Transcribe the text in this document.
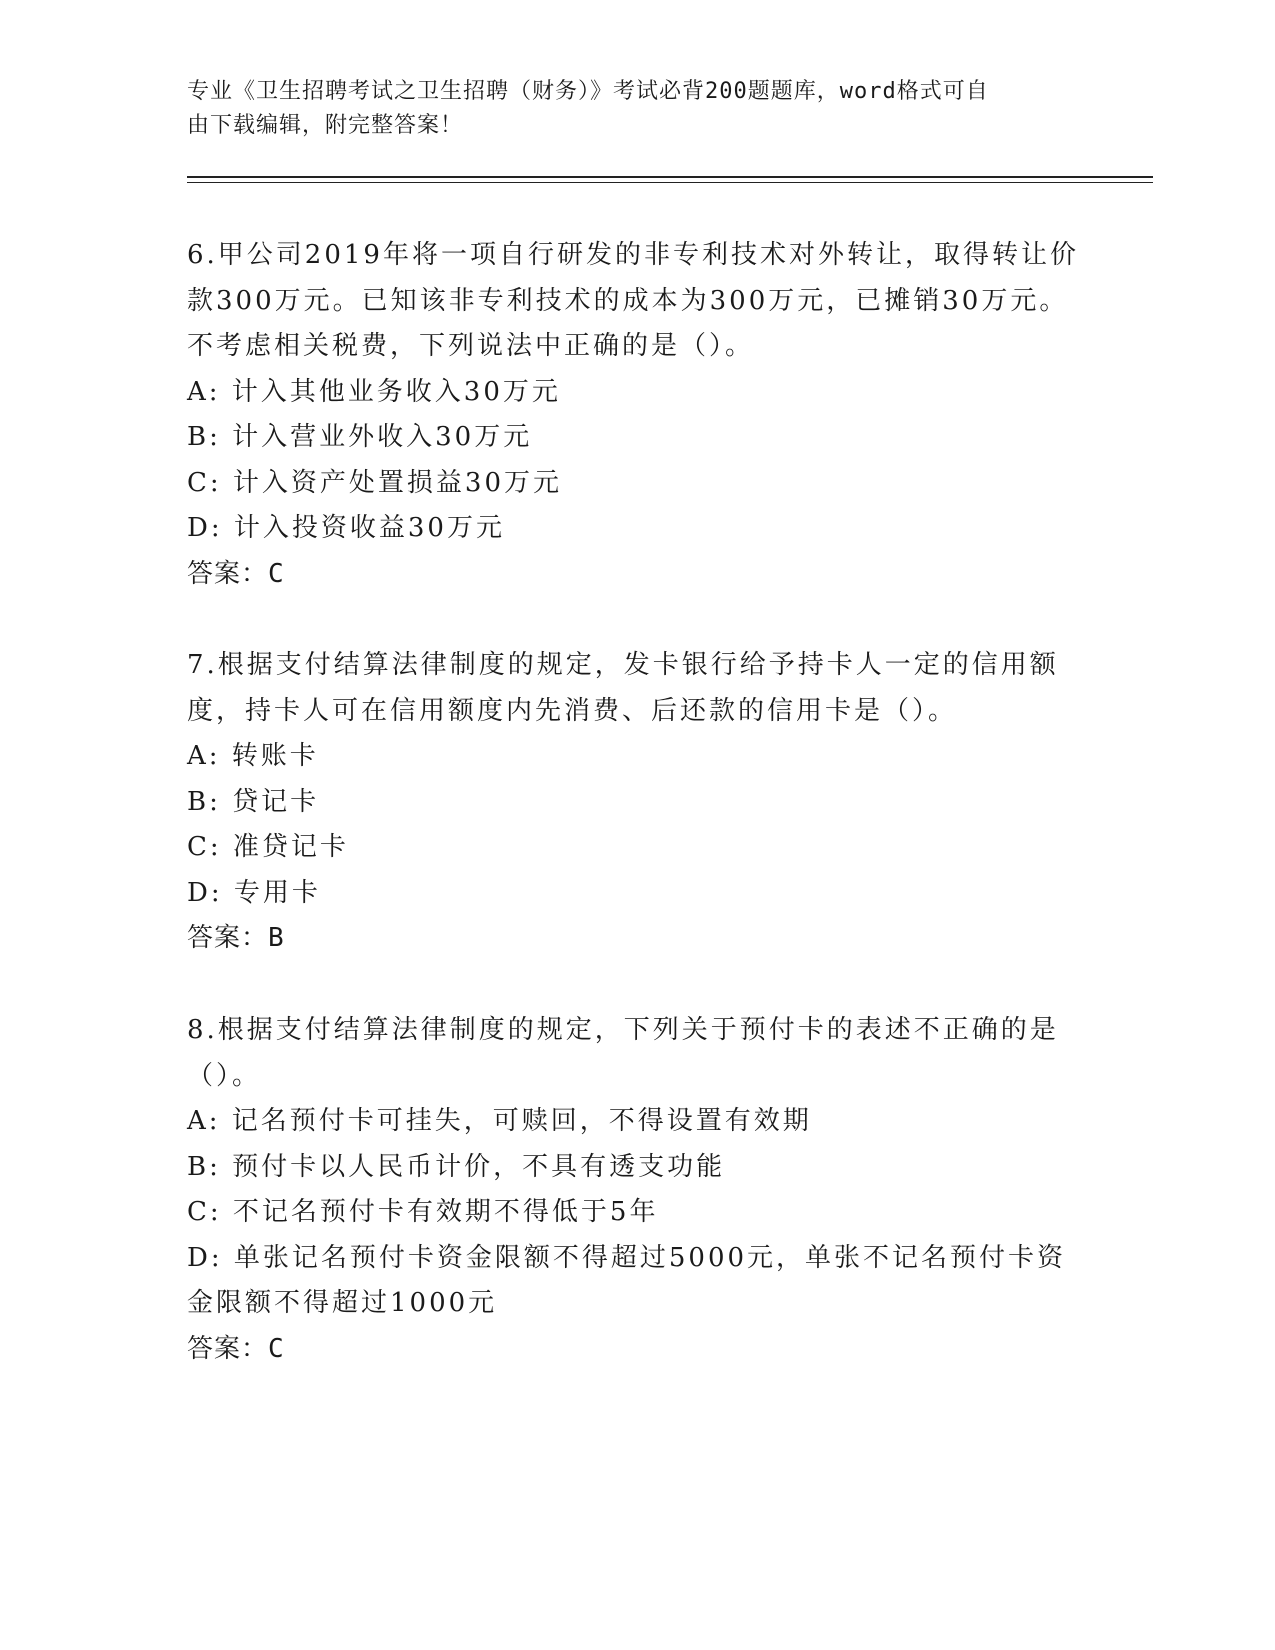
专业《卫生招聘考试之卫生招聘（财务）》考试必背200题题库，word格式可自
由下载编辑，附完整答案！

6.甲公司2019年将一项自行研发的非专利技术对外转让，取得转让价

款300万元。已知该非专利技术的成本为300万元，已摊销30万元。

不考虑相关税费，下列说法中正确的是（）。

A: 计入其他业务收入30万元

B: 计入营业外收入30万元

C: 计入资产处置损益30万元

D: 计入投资收益30万元

答案：C

7.根据支付结算法律制度的规定，发卡银行给予持卡人一定的信用额

度，持卡人可在信用额度内先消费、后还款的信用卡是（）。

A: 转账卡

B: 贷记卡

C: 准贷记卡

D: 专用卡

答案：B

8.根据支付结算法律制度的规定，下列关于预付卡的表述不正确的是

（）。

A: 记名预付卡可挂失，可赎回，不得设置有效期

B: 预付卡以人民币计价，不具有透支功能

C: 不记名预付卡有效期不得低于5年

D: 单张记名预付卡资金限额不得超过5000元，单张不记名预付卡资

金限额不得超过1000元

答案：C
